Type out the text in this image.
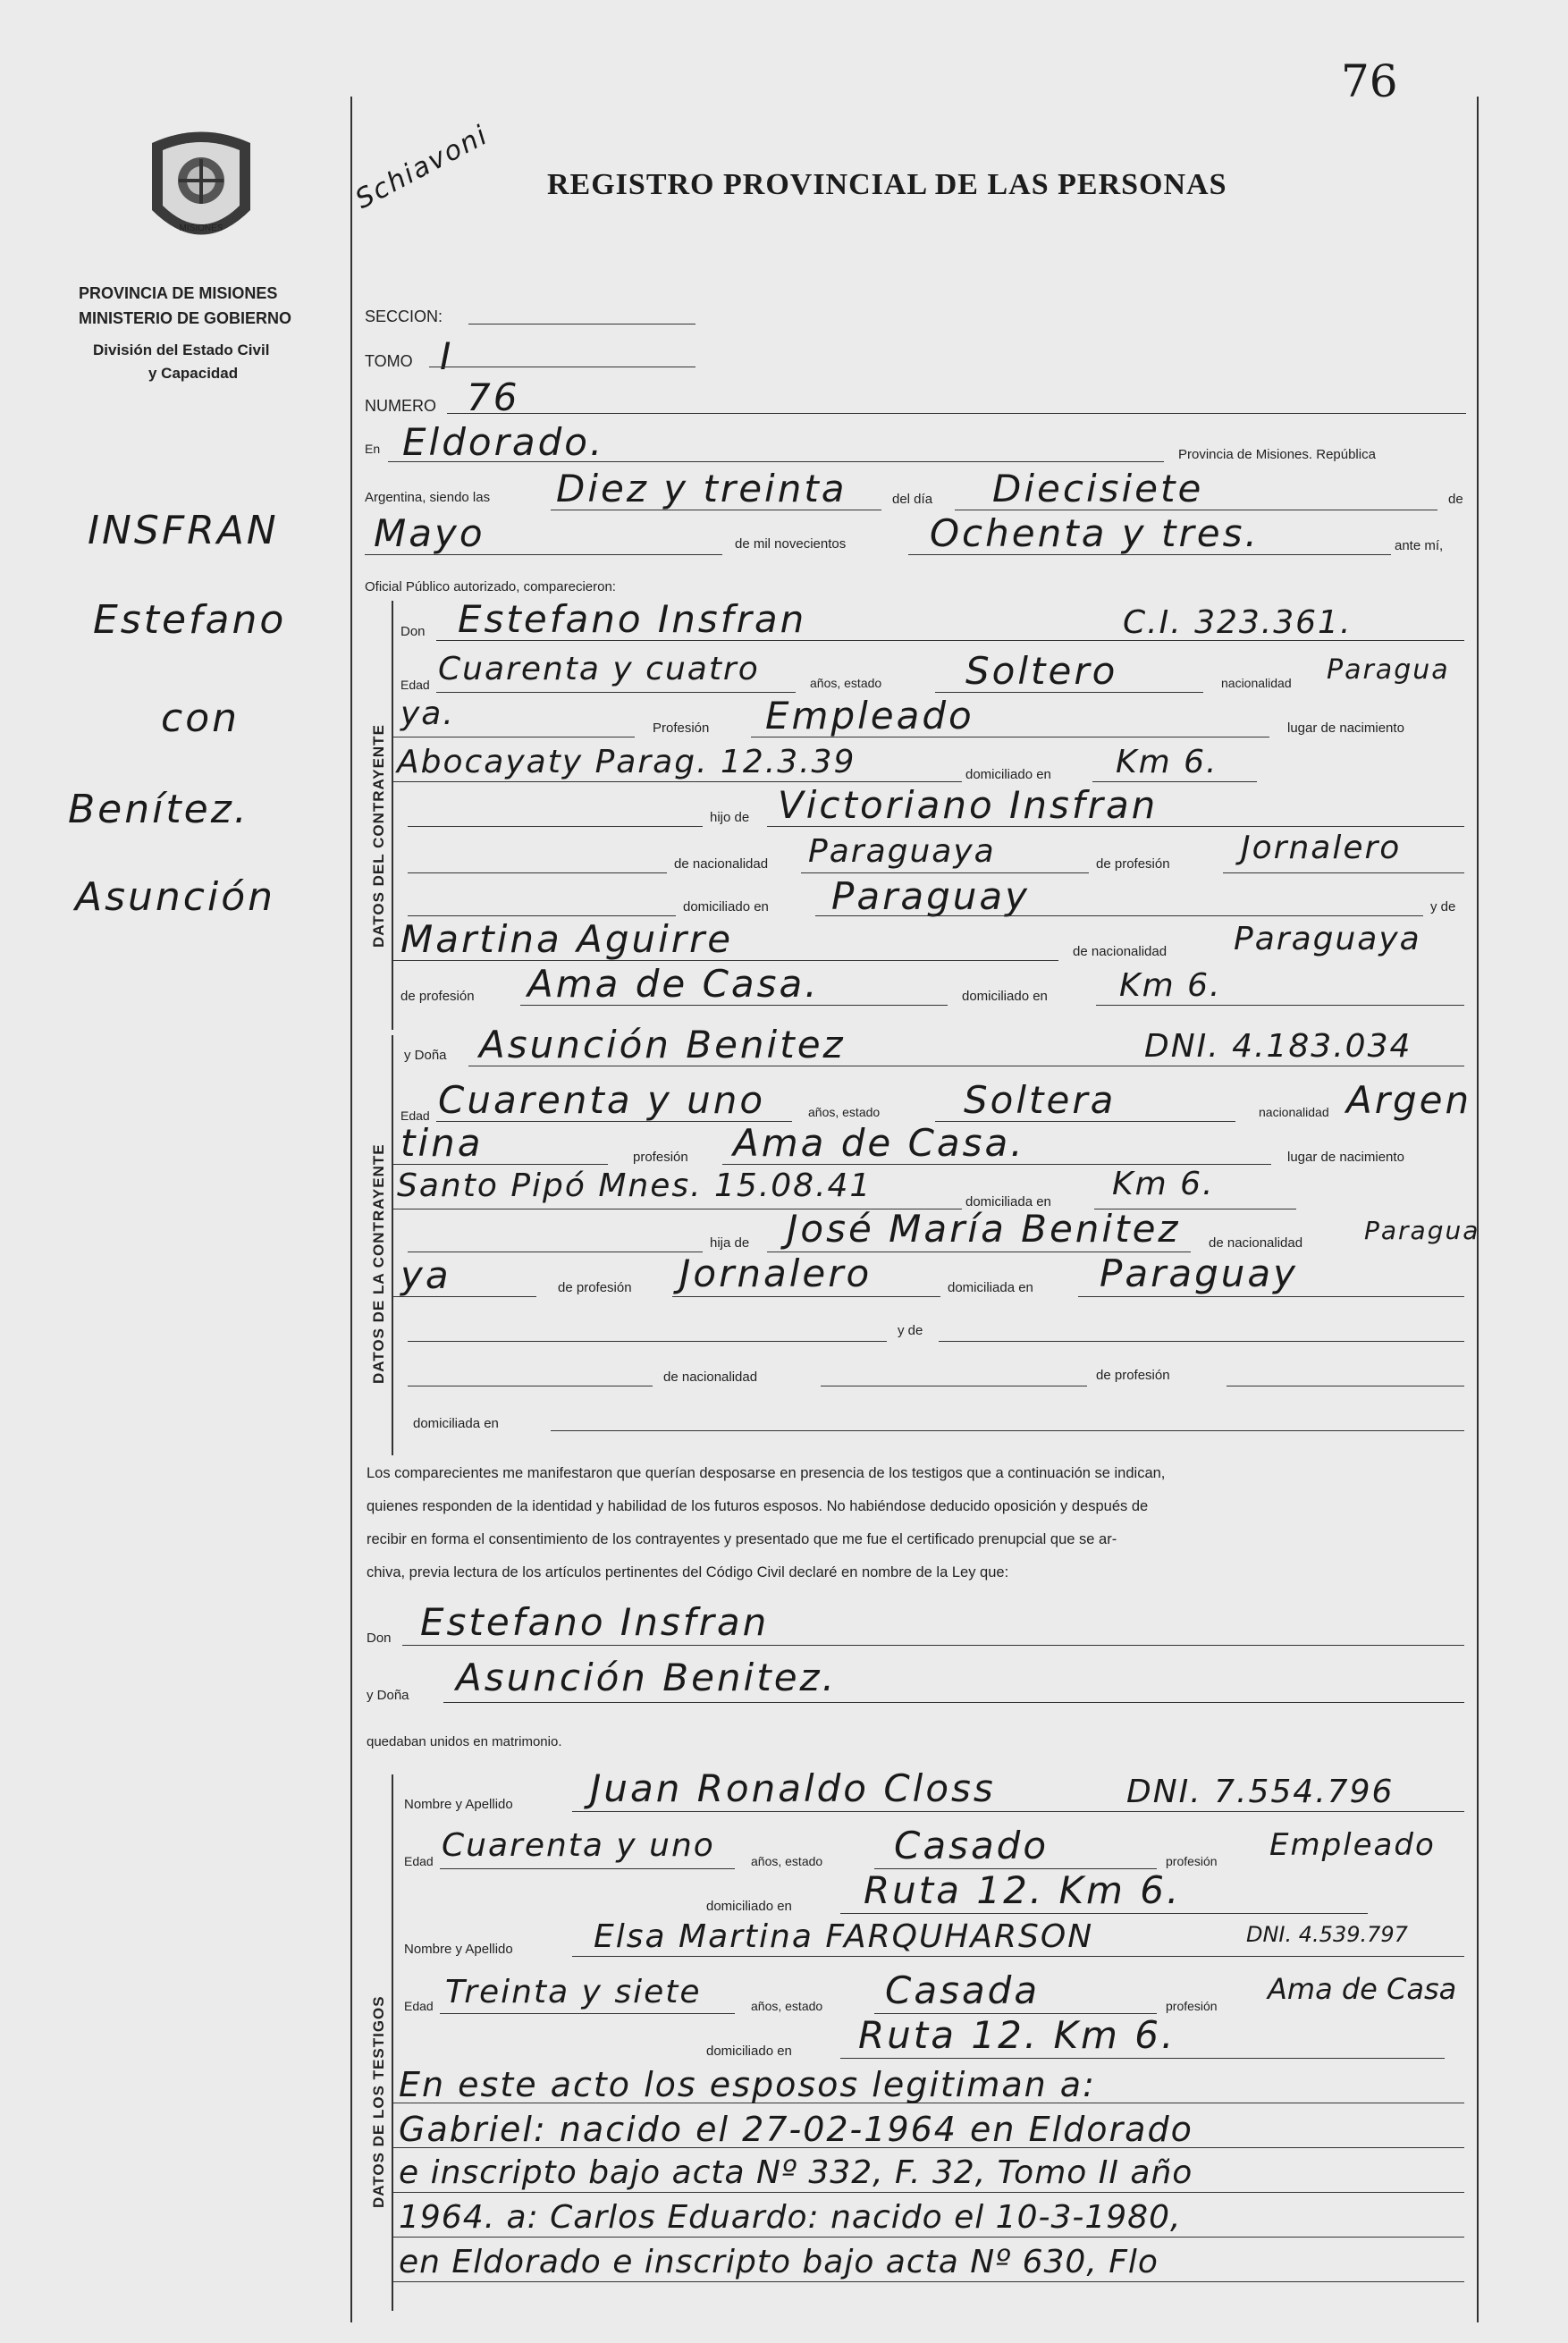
76
MISIONES
PROVINCIA DE MISIONES
MINISTERIO DE GOBIERNO
División del Estado Civil
y Capacidad
REGISTRO PROVINCIAL DE LAS PERSONAS
Schiavoni
INSFRAN
Estefano
con
Benítez.
Asunción
SECCION:
TOMO I
NUMERO 76
En Eldorado.	Provincia de Misiones. República
Argentina, siendo las Diez y treinta	del día Diecisiete	de
Mayo	de mil novecientos Ochenta y tres.	ante mí,
Oficial Público autorizado, comparecieron:
DATOS DEL CONTRAYENTE
DATOS DE LA CONTRAYENTE
DATOS DE LOS TESTIGOS
Don Estefano Insfran	C.I. 323.361.
Edad Cuarenta y cuatro	años, estado Soltero	nacionalidad Paragua
ya.	Profesión Empleado	lugar de nacimiento
Abocayaty Parag. 12.3.39	domiciliado en Km 6.
hijo de Victoriano Insfran
de nacionalidad Paraguaya	de profesión Jornalero
domiciliado en Paraguay	y de
Martina Aguirre	de nacionalidad Paraguaya
de profesión Ama de Casa.	domiciliado en Km 6.
y Doña Asunción Benitez	DNI. 4.183.034
Edad Cuarenta y uno	años, estado Soltera	nacionalidad Argen
tina	profesión Ama de Casa.	lugar de nacimiento
Santo Pipó Mnes. 15.08.41	domiciliada en Km 6.
hija de José María Benitez de nacionalidad Paragua
ya	de profesión Jornalero	domiciliada en Paraguay
y de
de nacionalidad	de profesión
domiciliada en
Los comparecientes me manifestaron que querían desposarse en presencia de los testigos que a continuación se indican,
quienes responden de la identidad y habilidad de los futuros esposos. No habiéndose deducido oposición y después de
recibir en forma el consentimiento de los contrayentes y presentado que me fue el certificado prenupcial que se ar-
chiva, previa lectura de los artículos pertinentes del Código Civil declaré en nombre de la Ley que:
Don Estefano Insfran
y Doña Asunción Benitez.
quedaban unidos en matrimonio.
Nombre y Apellido Juan Ronaldo Closs	DNI. 7.554.796
Edad Cuarenta y uno	años, estado Casado	profesión Empleado
domiciliado en Ruta 12. Km 6.
Nombre y Apellido	Elsa Martina FARQUHARSON	DNI. 4.539.797
Edad Treinta y siete	años, estado Casada	profesión Ama de Casa
domiciliado en Ruta 12. Km 6.
En este acto los esposos legitiman a:
Gabriel: nacido el 27-02-1964 en Eldorado
e inscripto bajo acta Nº 332, F. 32, Tomo II año
1964. a: Carlos Eduardo: nacido el 10-3-1980,
en Eldorado e inscripto bajo acta Nº 630, Flo
